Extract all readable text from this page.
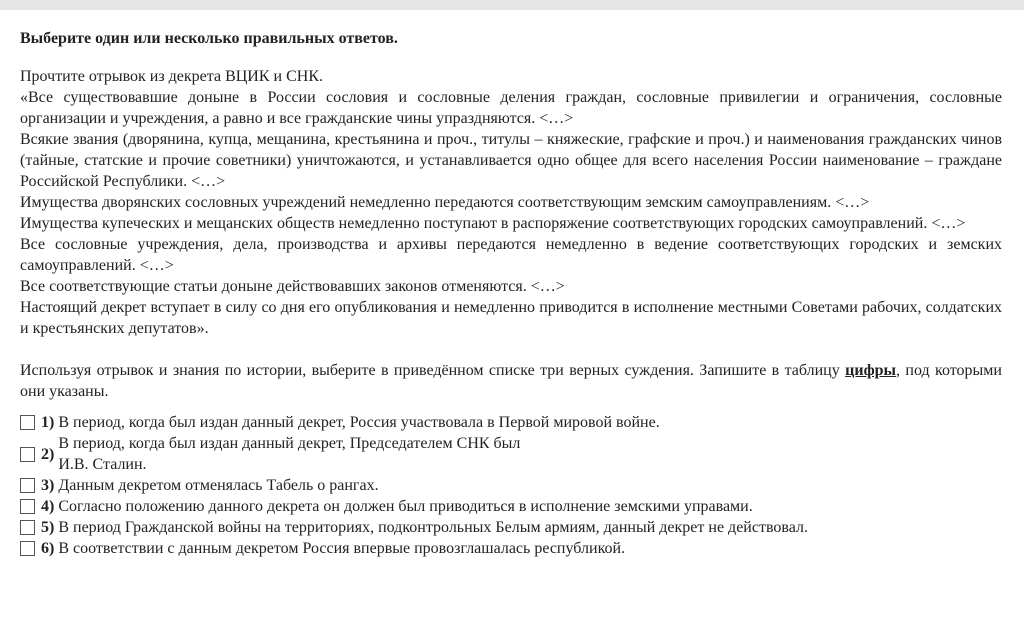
Выберите один или несколько правильных ответов.

Прочтите отрывок из декрета ВЦИК и СНК.

«Все существовавшие доныне в России сословия и сословные деления граждан, сословные привилегии и ограничения, сословные организации и учреждения, а равно и все гражданские чины упраздняются. <…>

Всякие звания (дворянина, купца, мещанина, крестьянина и проч., титулы – княжеские, графские и проч.) и наименования гражданских чинов (тайные, статские и прочие советники) уничтожаются, и устанавливается одно общее для всего населения России наименование – граждане Российской Республики. <…>

Имущества дворянских сословных учреждений немедленно передаются соответствующим земским самоуправлениям. <…>

Имущества купеческих и мещанских обществ немедленно поступают в распоряжение соответствующих городских самоуправлений. <…>

Все сословные учреждения, дела, производства и архивы передаются немедленно в ведение соответствующих городских и земских самоуправлений. <…>

Все соответствующие статьи доныне действовавших законов отменяются. <…>

Настоящий декрет вступает в силу со дня его опубликования и немедленно приводится в исполнение местными Советами рабочих, солдатских и крестьянских депутатов».

Используя отрывок и знания по истории, выберите в приведённом списке три верных суждения. Запишите в таблицу цифры, под которыми они указаны.

1) В период, когда был издан данный декрет, Россия участвовала в Первой мировой войне.
2)
В период, когда был издан данный декрет, Председателем СНК был
И.В. Сталин.
3) Данным декретом отменялась Табель о рангах.
4) Согласно положению данного декрета он должен был приводиться в исполнение земскими управами.
5) В период Гражданской войны на территориях, подконтрольных Белым армиям, данный декрет не действовал.
6) В соответствии с данным декретом Россия впервые провозглашалась республикой.
